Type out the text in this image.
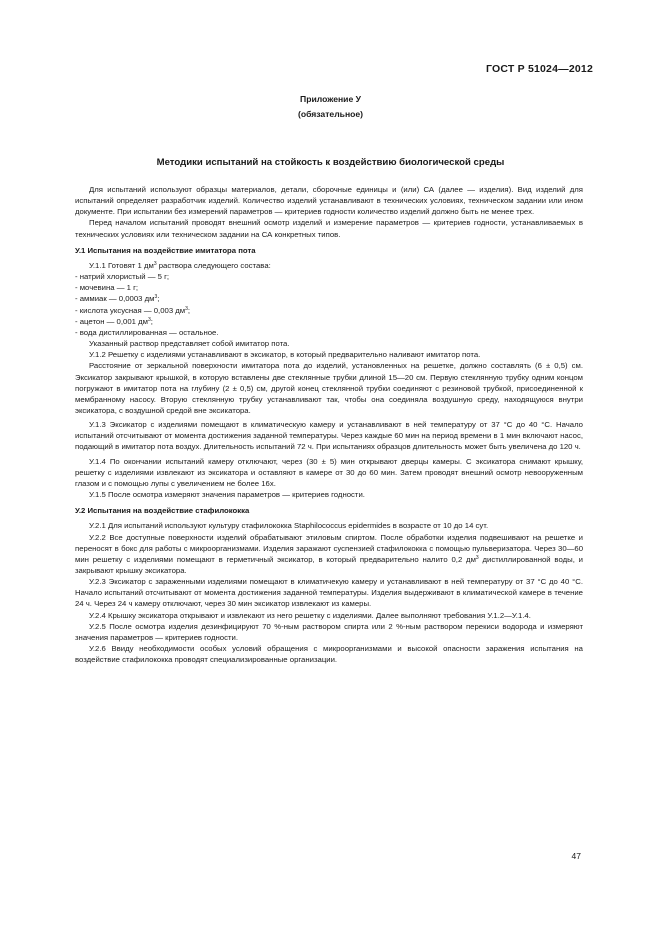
ГОСТ Р 51024—2012
Приложение У
(обязательное)
Методики испытаний на стойкость к воздействию биологической среды

Для испытаний используют образцы материалов, детали, сборочные единицы и (или) СА (далее — изделия). Вид изделий для испытаний определяет разработчик изделий. Количество изделий устанавливают в технических условиях, техническом задании или ином документе. При испытании без измерений параметров — критериев годности количество изделий должно быть не менее трех.

Перед началом испытаний проводят внешний осмотр изделий и измерение параметров — критериев годности, устанавливаемых в технических условиях или техническом задании на СА конкретных типов.

У.1 Испытания на воздействие имитатора пота

У.1.1 Готовят 1 $дм^3$ раствора следующего состава:

- натрий хлористый — 5 г;

- мочевина — 1 г;

- аммиак — 0,0003 $дм^3$;

- кислота уксусная — 0,003 $дм^3$;

- ацетон — 0,001 $дм^3$;

- вода дистиллированная — остальное.

Указанный раствор представляет собой имитатор пота.

У.1.2 Решетку с изделиями устанавливают в эксикатор, в который предварительно наливают имитатор пота.

Расстояние от зеркальной поверхности имитатора пота до изделий, установленных на решетке, должно составлять (6 ± 0,5) см. Эксикатор закрывают крышкой, в которую вставлены две стеклянные трубки длиной 15—20 см. Первую стеклянную трубку одним концом погружают в имитатор пота на глубину (2 ± 0,5) см, другой конец стеклянной трубки соединяют с резиновой трубкой, присоединенной к мембранному насосу. Вторую стеклянную трубку устанавливают так, чтобы она соединяла воздушную среду, находящуюся внутри эксикатора, с воздушной средой вне эксикатора.

У.1.3 Эксикатор с изделиями помещают в климатическую камеру и устанавливают в ней температуру от 37 °С до 40 °С. Начало испытаний отсчитывают от момента достижения заданной температуры. Через каждые 60 мин на период времени в 1 мин включают насос, подающий в имитатор пота воздух. Длительность испытаний 72 ч. При испытаниях образцов длительность может быть увеличена до 120 ч.

У.1.4 По окончании испытаний камеру отключают, через (30 ± 5) мин открывают дверцы камеры. С эксикатора снимают крышку, решетку с изделиями извлекают из эксикатора и оставляют в камере от 30 до 60 мин. Затем проводят внешний осмотр невооруженным глазом и с помощью лупы с увеличением не более 16х.

У.1.5 После осмотра измеряют значения параметров — критериев годности.

У.2 Испытания на воздействие стафилококка

У.2.1 Для испытаний используют культуру стафилококка Staphilococcus epidermides в возрасте от 10 до 14 сут.

У.2.2 Все доступные поверхности изделий обрабатывают этиловым спиртом. После обработки изделия подвешивают на решетке и переносят в бокс для работы с микроорганизмами. Изделия заражают суспензией стафилококка с помощью пульверизатора. Через 30—60 мин решетку с изделиями помещают в герметичный эксикатор, в который предварительно налито 0,2 $дм^3$ дистиллированной воды, и закрывают крышку эксикатора.

У.2.3 Эксикатор с зараженными изделиями помещают в климатичекую камеру и устанавливают в ней температуру от 37 °С до 40 °С. Начало испытаний отсчитывают от момента достижения заданной температуры. Изделия выдерживают в климатической камере в течение 24 ч. Через 24 ч камеру отключают, через 30 мин эксикатор извлекают из камеры.

У.2.4 Крышку эксикатора открывают и извлекают из него решетку с изделиями. Далее выполняют требования У.1.2—У.1.4.

У.2.5 После осмотра изделия дезинфицируют 70 %-ным раствором спирта или 2 %-ным раствором перекиси водорода и измеряют значения параметров — критериев годности.

У.2.6 Ввиду необходимости особых условий обращения с микроорганизмами и высокой опасности заражения испытания на воздействие стафилококка проводят специализированные организации.

47
